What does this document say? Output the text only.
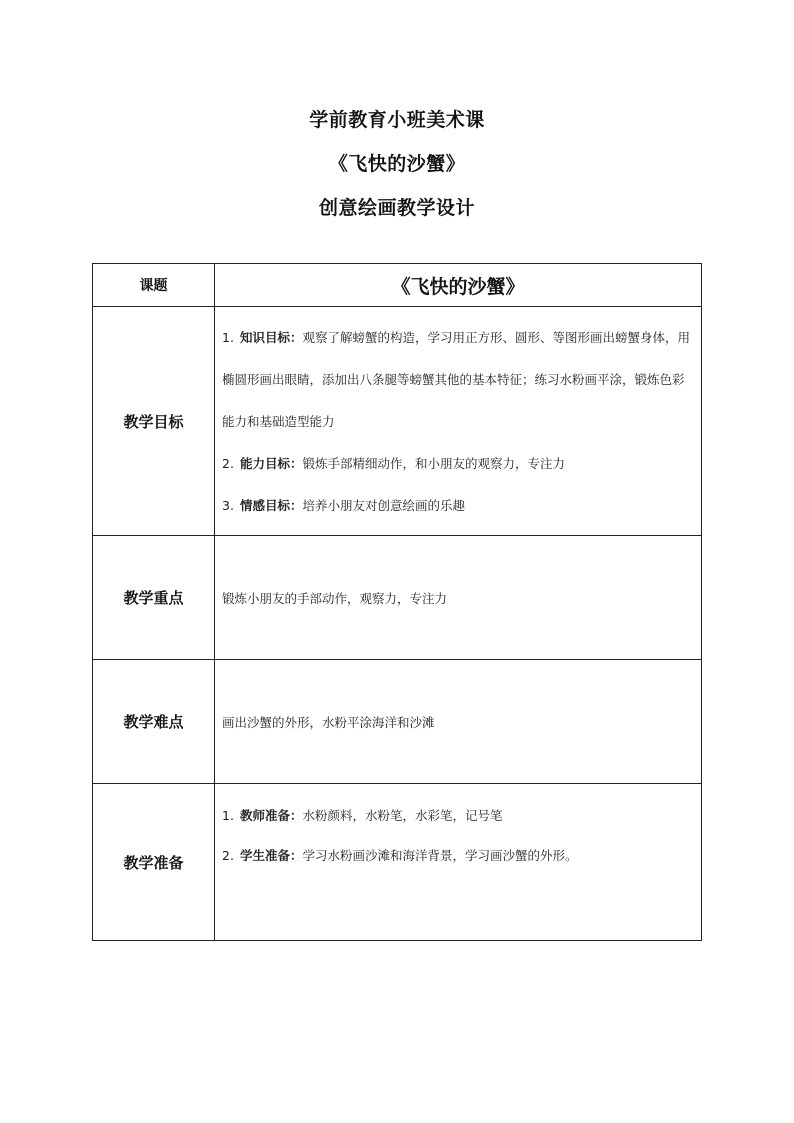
学前教育小班美术课
《飞快的沙蟹》
创意绘画教学设计
课题	《飞快的沙蟹》
教学目标	1. 知识目标：观察了解螃蟹的构造，学习用正方形、圆形、等图形画出螃蟹身体，用椭圆形画出眼睛，添加出八条腿等螃蟹其他的基本特征；练习水粉画平涂，锻炼色彩能力和基础造型能力
2. 能力目标：锻炼手部精细动作，和小朋友的观察力，专注力
3. 情感目标：培养小朋友对创意绘画的乐趣

教学重点	锻炼小朋友的手部动作，观察力，专注力
教学难点	画出沙蟹的外形，水粉平涂海洋和沙滩
教学准备	1. 教师准备：水粉颜料，水粉笔，水彩笔，记号笔
2. 学生准备：学习水粉画沙滩和海洋背景，学习画沙蟹的外形。
